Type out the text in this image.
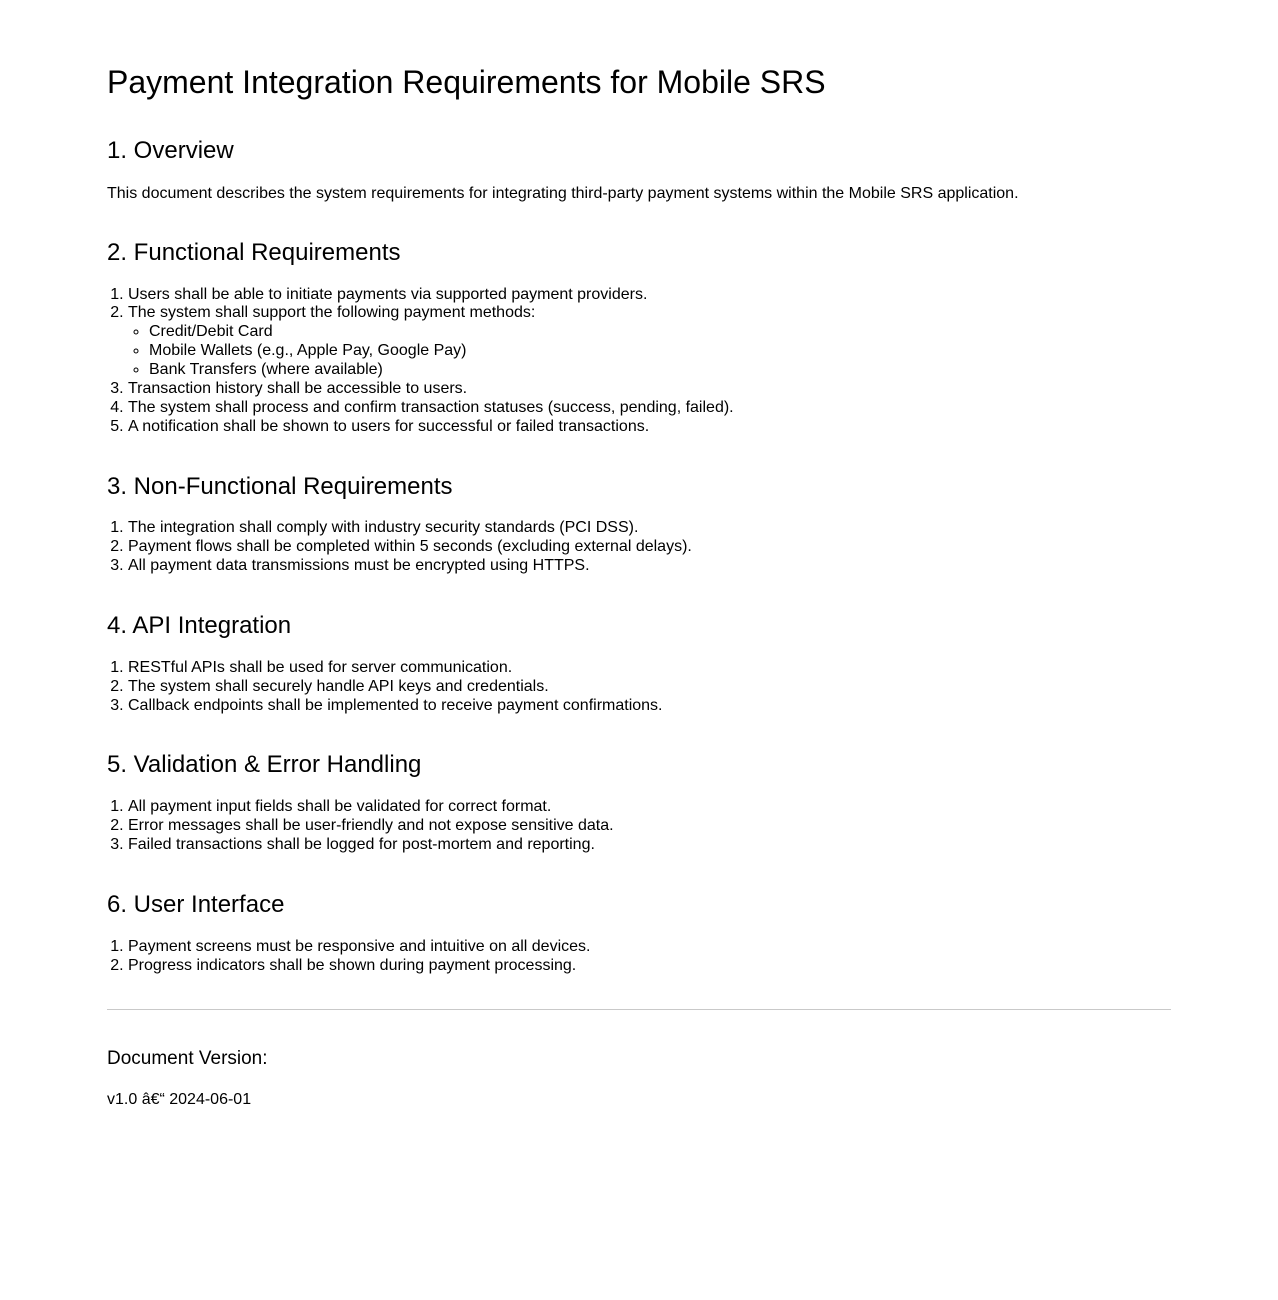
Payment Integration Requirements for Mobile SRS
1. Overview

This document describes the system requirements for integrating third-party payment systems within the Mobile SRS application.

2. Functional Requirements
1. Users shall be able to initiate payments via supported payment providers.
2. The system shall support the following payment methods:
◦ Credit/Debit Card
◦ Mobile Wallets (e.g., Apple Pay, Google Pay)
◦ Bank Transfers (where available)
3. Transaction history shall be accessible to users.
4. The system shall process and confirm transaction statuses (success, pending, failed).
5. A notification shall be shown to users for successful or failed transactions.
3. Non-Functional Requirements
1. The integration shall comply with industry security standards (PCI DSS).
2. Payment flows shall be completed within 5 seconds (excluding external delays).
3. All payment data transmissions must be encrypted using HTTPS.
4. API Integration
1. RESTful APIs shall be used for server communication.
2. The system shall securely handle API keys and credentials.
3. Callback endpoints shall be implemented to receive payment confirmations.
5. Validation & Error Handling
1. All payment input fields shall be validated for correct format.
2. Error messages shall be user-friendly and not expose sensitive data.
3. Failed transactions shall be logged for post-mortem and reporting.
6. User Interface
1. Payment screens must be responsive and intuitive on all devices.
2. Progress indicators shall be shown during payment processing.
Document Version:

v1.0 â€“ 2024-06-01
